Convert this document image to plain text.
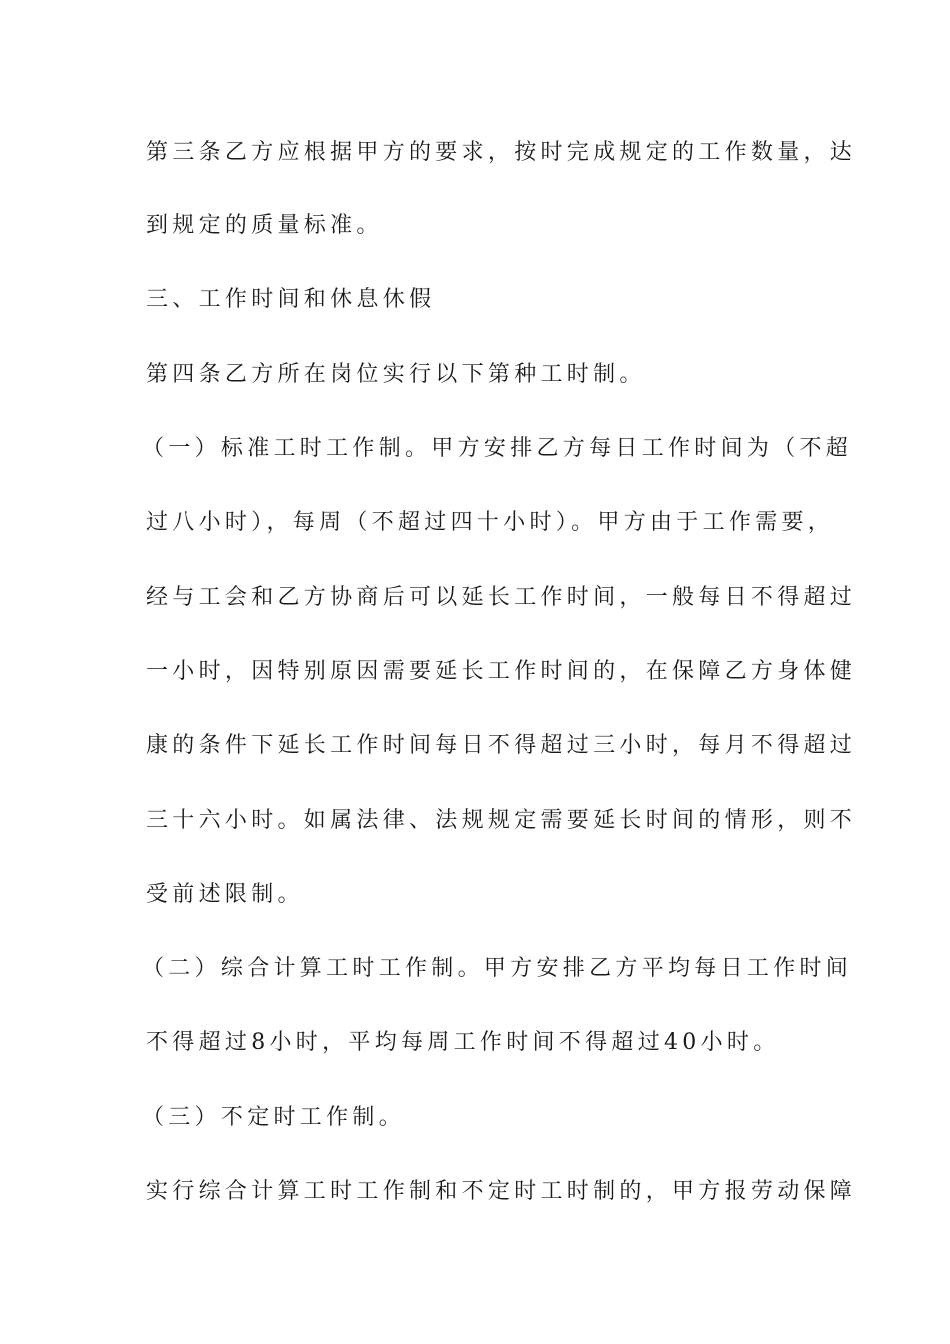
第三条乙方应根据甲方的要求，按时完成规定的工作数量，达
到规定的质量标准。
三、工作时间和休息休假
第四条乙方所在岗位实行以下第种工时制。
（一）标准工时工作制。甲方安排乙方每日工作时间为（不超
过八小时），每周（不超过四十小时）。甲方由于工作需要，
经与工会和乙方协商后可以延长工作时间，一般每日不得超过
一小时，因特别原因需要延长工作时间的，在保障乙方身体健
康的条件下延长工作时间每日不得超过三小时，每月不得超过
三十六小时。如属法律、法规规定需要延长时间的情形，则不
受前述限制。
（二）综合计算工时工作制。甲方安排乙方平均每日工作时间
不得超过8小时，平均每周工作时间不得超过40小时。
（三）不定时工作制。
实行综合计算工时工作制和不定时工时制的，甲方报劳动保障
